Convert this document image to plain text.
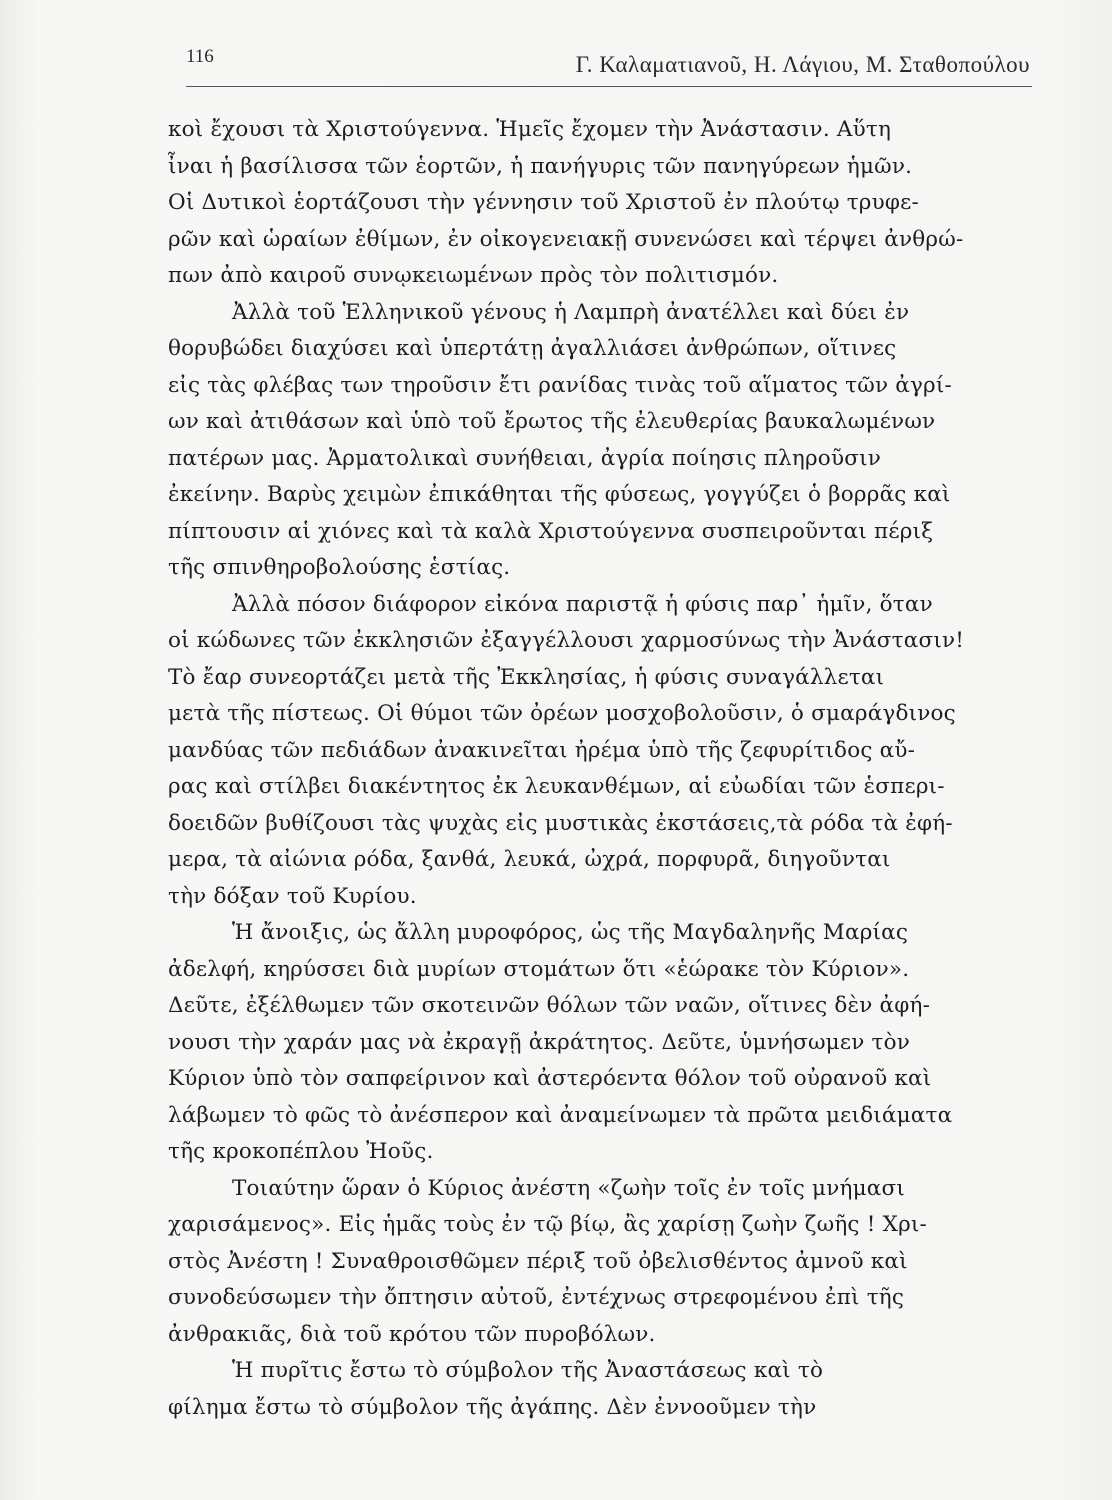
116	Γ. Καλαματιανοῦ, Η. Λάγιου, Μ. Σταθοπούλου
κοὶ ἔχουσι τὰ Χριστούγεννα. Ἡμεῖς ἔχομεν τὴν Ἀνάστασιν. Αὕτη
ἶναι ἡ βασίλισσα τῶν ἑορτῶν, ἡ πανήγυρις τῶν πανηγύρεων ἡμῶν.
Οἱ Δυτικοὶ ἑορτάζουσι τὴν γέννησιν τοῦ Χριστοῦ ἐν πλούτῳ τρυφε-
ρῶν καὶ ὡραίων ἐθίμων, ἐν οἰκογενειακῇ συνενώσει καὶ τέρψει ἀνθρώ-
πων ἀπὸ καιροῦ συνῳκειωμένων πρὸς τὸν πολιτισμόν.
Ἀλλὰ τοῦ Ἑλληνικοῦ γένους ἡ Λαμπρὴ ἀνατέλλει καὶ δύει ἐν
θορυβώδει διαχύσει καὶ ὑπερτάτῃ ἀγαλλιάσει ἀνθρώπων, οἵτινες
εἰς τὰς φλέβας των τηροῦσιν ἔτι ρανίδας τινὰς τοῦ αἵματος τῶν ἀγρί-
ων καὶ ἀτιθάσων καὶ ὑπὸ τοῦ ἔρωτος τῆς ἐλευθερίας βαυκαλωμένων
πατέρων μας. Ἀρματολικαὶ συνήθειαι, ἀγρία ποίησις πληροῦσιν
ἐκείνην. Βαρὺς χειμὼν ἐπικάθηται τῆς φύσεως, γογγύζει ὁ βορρᾶς καὶ
πίπτουσιν αἱ χιόνες καὶ τὰ καλὰ Χριστούγεννα συσπειροῦνται πέριξ
τῆς σπινθηροβολούσης ἑστίας.
Ἀλλὰ πόσον διάφορον εἰκόνα παριστᾷ ἡ φύσις παρ᾽ ἡμῖν, ὅταν
οἱ κώδωνες τῶν ἐκκλησιῶν ἐξαγγέλλουσι χαρμοσύνως τὴν Ἀνάστασιν!
Τὸ ἔαρ συνεορτάζει μετὰ τῆς Ἐκκλησίας, ἡ φύσις συναγάλλεται
μετὰ τῆς πίστεως. Οἱ θύμοι τῶν ὀρέων μοσχοβολοῦσιν, ὁ σμαράγδινος
μανδύας τῶν πεδιάδων ἀνακινεῖται ἠρέμα ὑπὸ τῆς ζεφυρίτιδος αὔ-
ρας καὶ στίλβει διακέντητος ἐκ λευκανθέμων, αἱ εὐωδίαι τῶν ἑσπερι-
δοειδῶν βυθίζουσι τὰς ψυχὰς εἰς μυστικὰς ἐκστάσεις,τὰ ρόδα τὰ ἐφή-
μερα, τὰ αἰώνια ρόδα, ξανθά, λευκά, ὠχρά, πορφυρᾶ, διηγοῦνται
τὴν δόξαν τοῦ Κυρίου.
Ἡ ἄνοιξις, ὡς ἄλλη μυροφόρος, ὡς τῆς Μαγδαληνῆς Μαρίας
ἀδελφή, κηρύσσει διὰ μυρίων στομάτων ὅτι «ἑώρακε τὸν Κύριον».
Δεῦτε, ἐξέλθωμεν τῶν σκοτεινῶν θόλων τῶν ναῶν, οἵτινες δὲν ἀφή-
νουσι τὴν χαράν μας νὰ ἐκραγῇ ἀκράτητος. Δεῦτε, ὑμνήσωμεν τὸν
Κύριον ὑπὸ τὸν σαπφείρινον καὶ ἀστερόεντα θόλον τοῦ οὐρανοῦ καὶ
λάβωμεν τὸ φῶς τὸ ἀνέσπερον καὶ ἀναμείνωμεν τὰ πρῶτα μειδιάματα
τῆς κροκοπέπλου Ἠοῦς.
Τοιαύτην ὥραν ὁ Κύριος ἀνέστη «ζωὴν τοῖς ἐν τοῖς μνήμασι
χαρισάμενος». Εἰς ἡμᾶς τοὺς ἐν τῷ βίῳ, ἂς χαρίσῃ ζωὴν ζωῆς ! Χρι-
στὸς Ἀνέστη ! Συναθροισθῶμεν πέριξ τοῦ ὀβελισθέντος ἀμνοῦ καὶ
συνοδεύσωμεν τὴν ὄπτησιν αὐτοῦ, ἐντέχνως στρεφομένου ἐπὶ τῆς
ἀνθρακιᾶς, διὰ τοῦ κρότου τῶν πυροβόλων.
Ἡ πυρῖτις ἔστω τὸ σύμβολον τῆς Ἀναστάσεως καὶ τὸ
φίλημα ἔστω τὸ σύμβολον τῆς ἀγάπης. Δὲν ἐννοοῦμεν τὴν
